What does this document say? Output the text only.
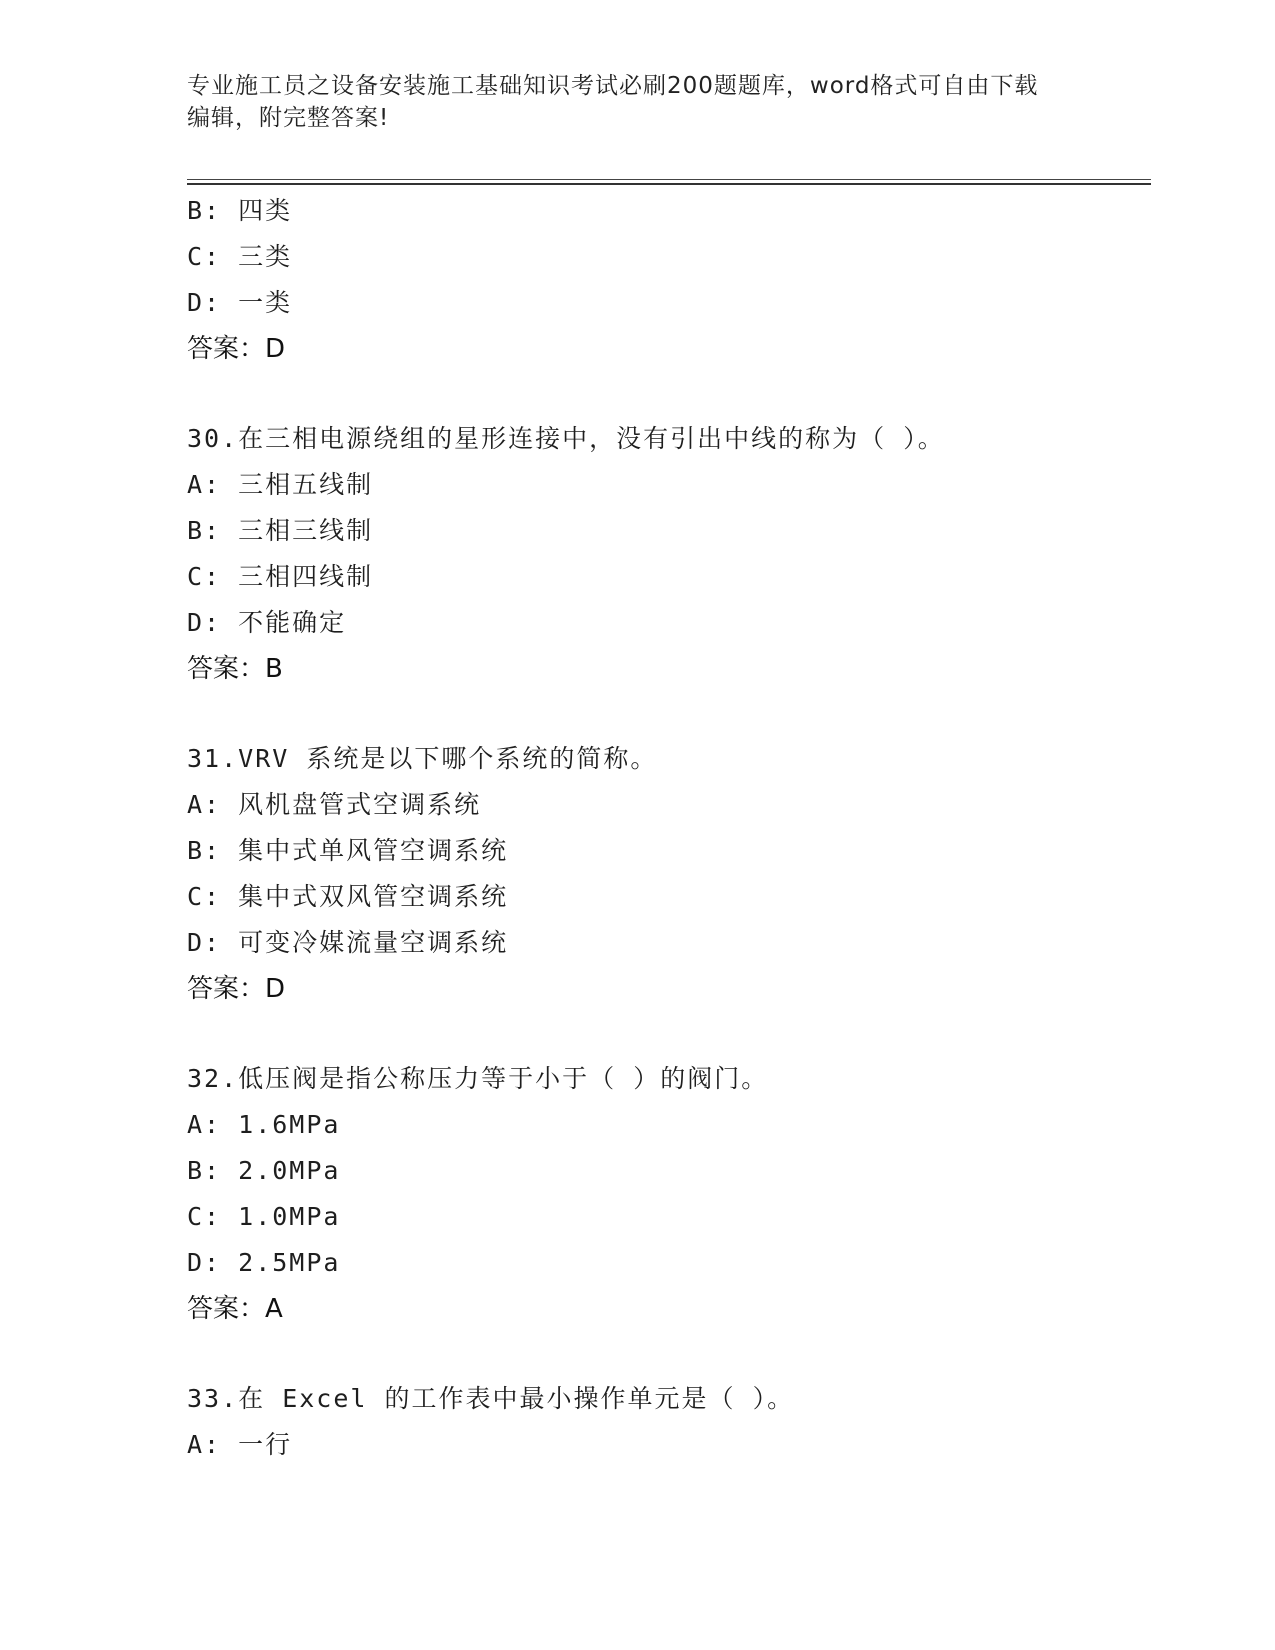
专业施工员之设备安装施工基础知识考试必刷200题题库，word格式可自由下载
编辑，附完整答案!
B: 四类
C: 三类
D: 一类
答案：D
30.在三相电源绕组的星形连接中，没有引出中线的称为（ ）。
A: 三相五线制
B: 三相三线制
C: 三相四线制
D: 不能确定
答案：B
31.VRV 系统是以下哪个系统的简称。
A: 风机盘管式空调系统
B: 集中式单风管空调系统
C: 集中式双风管空调系统
D: 可变冷媒流量空调系统
答案：D
32.低压阀是指公称压力等于小于（ ）的阀门。
A: 1.6MPa
B: 2.0MPa
C: 1.0MPa
D: 2.5MPa
答案：A
33.在 Excel 的工作表中最小操作单元是（ ）。
A: 一行
